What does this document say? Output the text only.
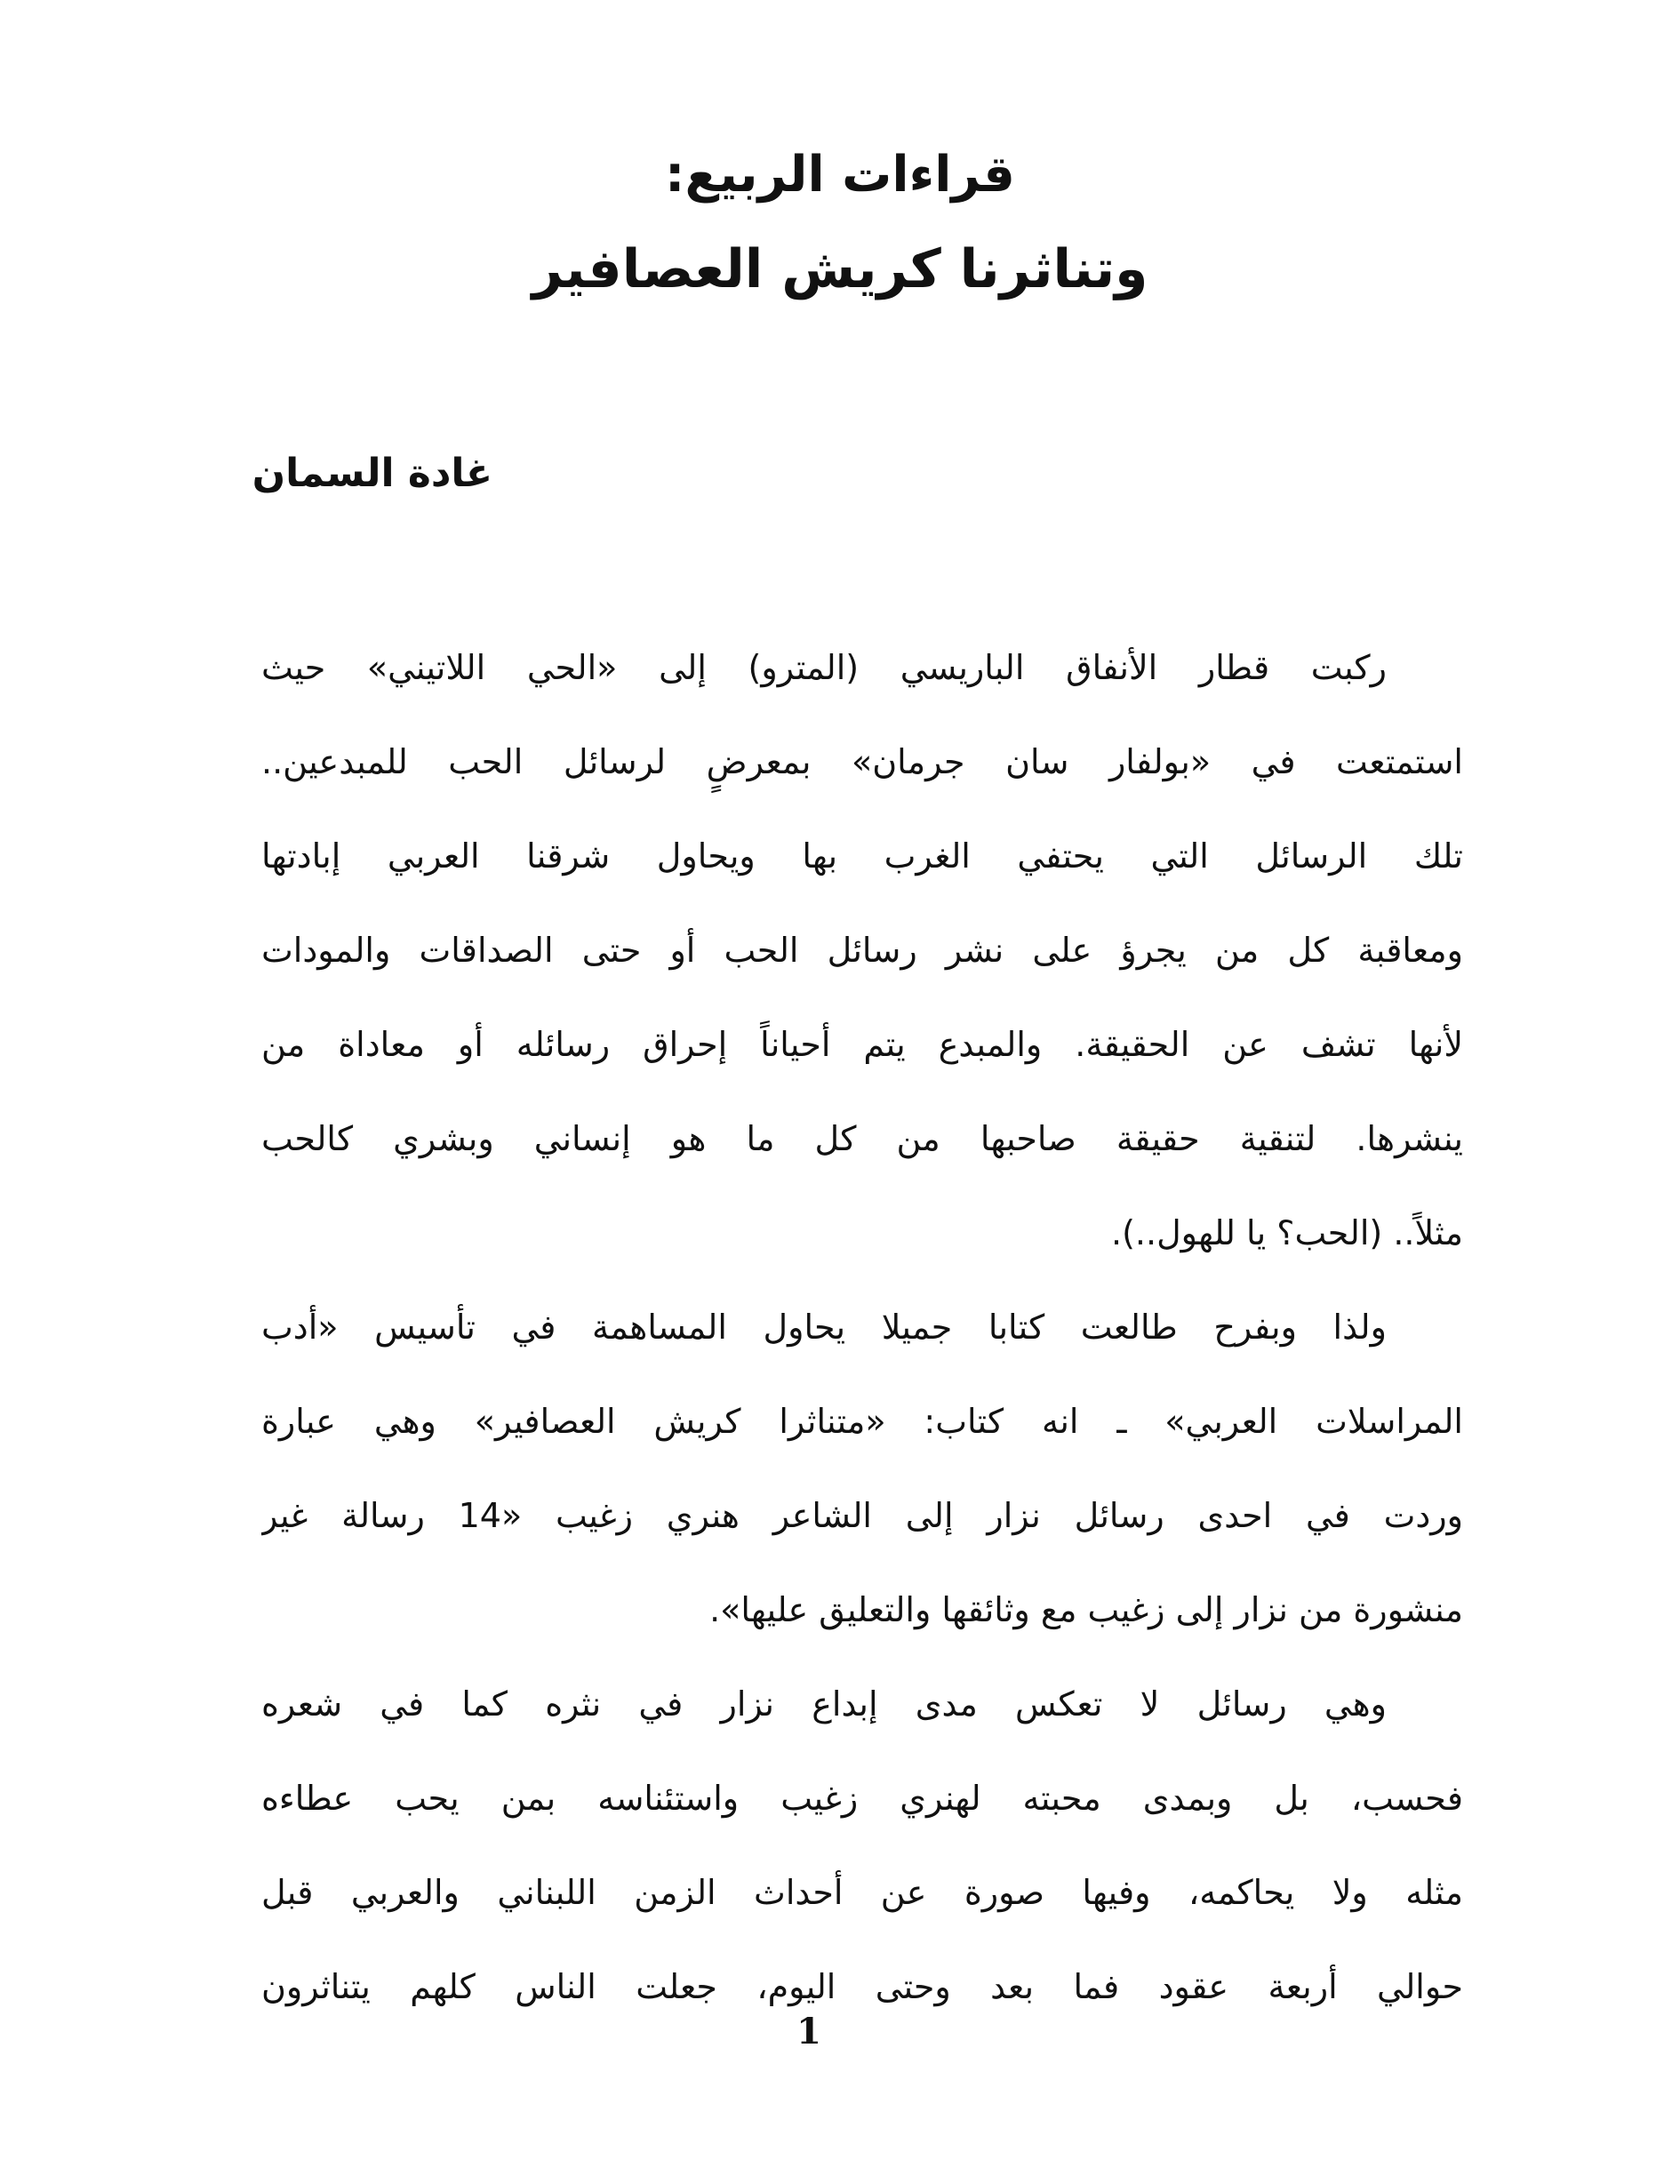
قراءات الربيع:
وتناثرنا كريش العصافير
غادة السمان
ركبت قطار الأنفاق الباريسي (المترو) إلى «الحي اللاتيني» حيث
استمتعت في «بولفار سان جرمان» بمعرضٍ لرسائل الحب للمبدعين..
تلك الرسائل التي يحتفي الغرب بها ويحاول شرقنا العربي إبادتها
ومعاقبة كل من يجرؤ على نشر رسائل الحب أو حتى الصداقات والمودات
لأنها تشف عن الحقيقة. والمبدع يتم أحياناً إحراق رسائله أو معاداة من
ينشرها. لتنقية حقيقة صاحبها من كل ما هو إنساني وبشري كالحب
مثلاً.. (الحب؟ يا للهول..).
ولذا وبفرح طالعت كتابا جميلا يحاول المساهمة في تأسيس «أدب
المراسلات العربي» ـ انه كتاب: «متناثرا كريش العصافير» وهي عبارة
وردت في احدى رسائل نزار إلى الشاعر هنري زغيب «14 رسالة غير
منشورة من نزار إلى زغيب مع وثائقها والتعليق عليها».
وهي رسائل لا تعكس مدى إبداع نزار في نثره كما في شعره
فحسب، بل وبمدى محبته لهنري زغيب واستئناسه بمن يحب عطاءه
مثله ولا يحاكمه، وفيها صورة عن أحداث الزمن اللبناني والعربي قبل
حوالي أربعة عقود فما بعد وحتى اليوم، جعلت الناس كلهم يتناثرون
1
